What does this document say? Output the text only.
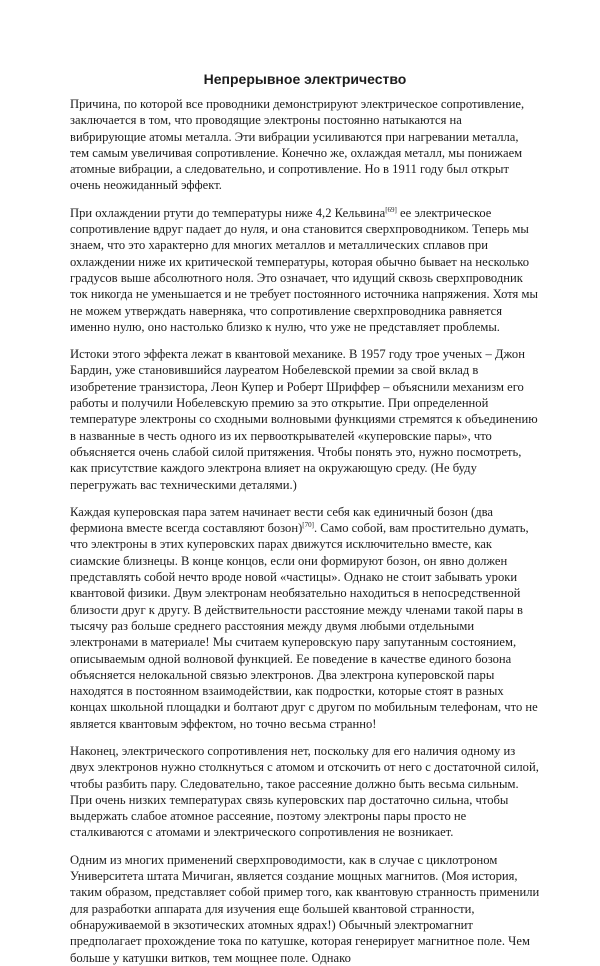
Непрерывное электричество

Причина, по которой все проводники демонстрируют электрическое сопротивление, заключается в том, что проводящие электроны постоянно натыкаются на вибрирующие атомы металла. Эти вибрации усиливаются при нагревании металла, тем самым увеличивая сопротивление. Конечно же, охлаждая металл, мы понижаем атомные вибрации, а следовательно, и сопротивление. Но в 1911 году был открыт очень неожиданный эффект.

При охлаждении ртути до температуры ниже 4,2 Кельвина[69] ее электрическое сопротивление вдруг падает до нуля, и она становится сверхпроводником. Теперь мы знаем, что это характерно для многих металлов и металлических сплавов при охлаждении ниже их критической температуры, которая обычно бывает на несколько градусов выше абсолютного ноля. Это означает, что идущий сквозь сверхпроводник ток никогда не уменьшается и не требует постоянного источника напряжения. Хотя мы не можем утверждать наверняка, что сопротивление сверхпроводника равняется именно нулю, оно настолько близко к нулю, что уже не представляет проблемы.

Истоки этого эффекта лежат в квантовой механике. В 1957 году трое ученых – Джон Бардин, уже становившийся лауреатом Нобелевской премии за свой вклад в изобретение транзистора, Леон Купер и Роберт Шриффер – объяснили механизм его работы и получили Нобелевскую премию за это открытие. При определенной температуре электроны со сходными волновыми функциями стремятся к объединению в названные в честь одного из их первооткрывателей «куперовские пары», что объясняется очень слабой силой притяжения. Чтобы понять это, нужно посмотреть, как присутствие каждого электрона влияет на окружающую среду. (Не буду перегружать вас техническими деталями.)

Каждая куперовская пара затем начинает вести себя как единичный бозон (два фермиона вместе всегда составляют бозон)[70]. Само собой, вам простительно думать, что электроны в этих куперовских парах движутся исключительно вместе, как сиамские близнецы. В конце концов, если они формируют бозон, он явно должен представлять собой нечто вроде новой «частицы». Однако не стоит забывать уроки квантовой физики. Двум электронам необязательно находиться в непосредственной близости друг к другу. В действительности расстояние между членами такой пары в тысячу раз больше среднего расстояния между двумя любыми отдельными электронами в материале! Мы считаем куперовскую пару запутанным состоянием, описываемым одной волновой функцией. Ее поведение в качестве единого бозона объясняется нелокальной связью электронов. Два электрона куперовской пары находятся в постоянном взаимодействии, как подростки, которые стоят в разных концах школьной площадки и болтают друг с другом по мобильным телефонам, что не является квантовым эффектом, но точно весьма странно!

Наконец, электрического сопротивления нет, поскольку для его наличия одному из двух электронов нужно столкнуться с атомом и отскочить от него с достаточной силой, чтобы разбить пару. Следовательно, такое рассеяние должно быть весьма сильным. При очень низких температурах связь куперовских пар достаточно сильна, чтобы выдержать слабое атомное рассеяние, поэтому электроны пары просто не сталкиваются с атомами и электрического сопротивления не возникает.

Одним из многих применений сверхпроводимости, как в случае с циклотроном Университета штата Мичиган, является создание мощных магнитов. (Моя история, таким образом, представляет собой пример того, как квантовую странность применили для разработки аппарата для изучения еще большей квантовой странности, обнаруживаемой в экзотических атомных ядрах!) Обычный электромагнит предполагает прохождение тока по катушке, которая генерирует магнитное поле. Чем больше у катушки витков, тем мощнее поле. Однако
